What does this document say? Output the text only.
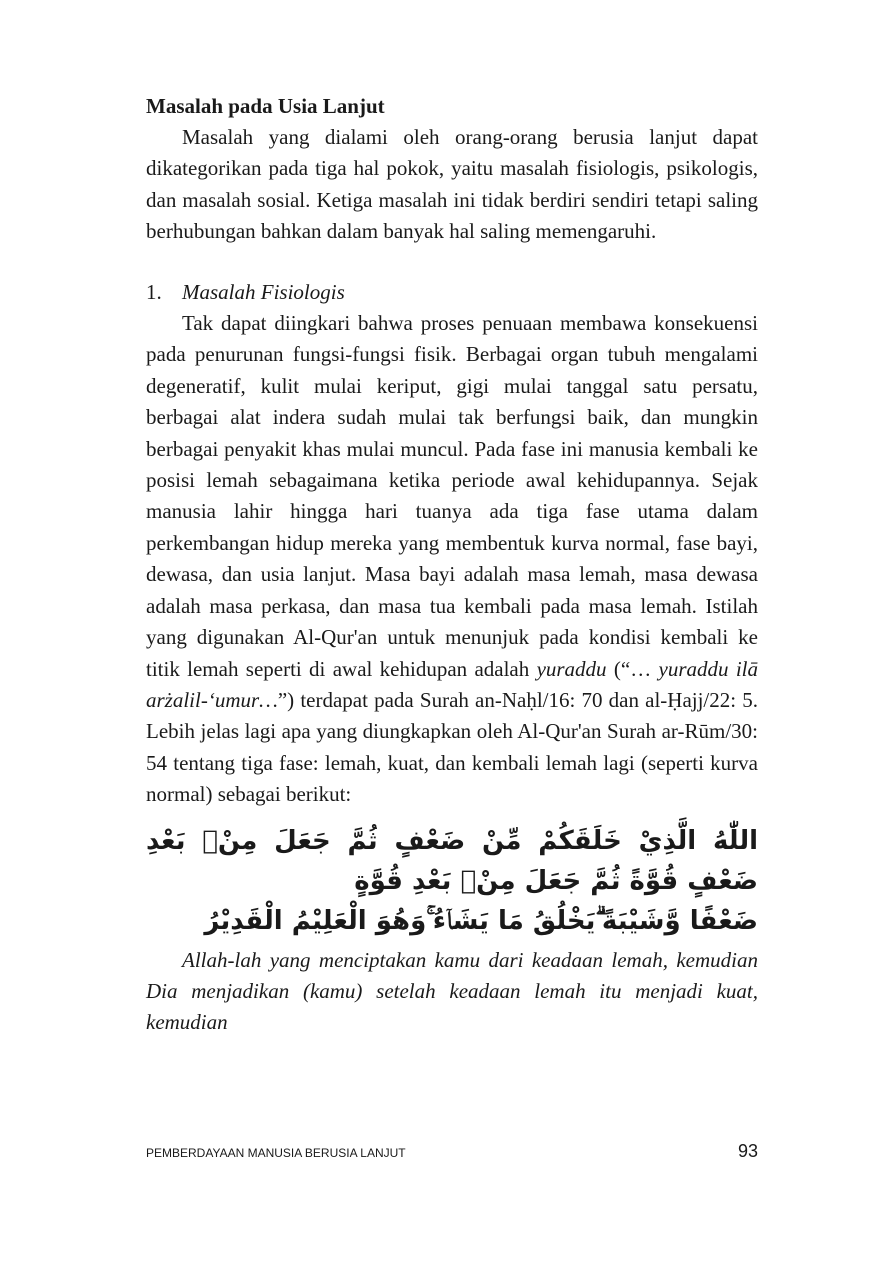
Masalah pada Usia Lanjut

Masalah yang dialami oleh orang-orang berusia lanjut dapat dikategorikan pada tiga hal pokok, yaitu masalah fisiologis, psikologis, dan masalah sosial. Ketiga masalah ini tidak berdiri sendiri tetapi saling berhubungan bahkan dalam banyak hal saling memengaruhi.

1. Masalah Fisiologis

Tak dapat diingkari bahwa proses penuaan membawa konsekuensi pada penurunan fungsi-fungsi fisik. Berbagai organ tubuh mengalami degeneratif, kulit mulai keriput, gigi mulai tanggal satu persatu, berbagai alat indera sudah mulai tak berfungsi baik, dan mungkin berbagai penyakit khas mulai muncul. Pada fase ini manusia kembali ke posisi lemah sebagaimana ketika periode awal kehidupannya. Sejak manusia lahir hingga hari tuanya ada tiga fase utama dalam perkembangan hidup mereka yang membentuk kurva normal, fase bayi, dewasa, dan usia lanjut. Masa bayi adalah masa lemah, masa dewasa adalah masa perkasa, dan masa tua kembali pada masa lemah. Istilah yang digunakan Al-Qur'an untuk menunjuk pada kondisi kembali ke titik lemah seperti di awal kehidupan adalah yuraddu (“… yuraddu ilā arżalil-‘umur…”) terdapat pada Surah an-Naḥl/16: 70 dan al-Ḥajj/22: 5. Lebih jelas lagi apa yang diungkapkan oleh Al-Qur'an Surah ar-Rūm/30: 54 tentang tiga fase: lemah, kuat, dan kembali lemah lagi (seperti kurva normal) sebagai berikut:

اللّٰهُ الَّذِيْ خَلَقَكُمْ مِّنْ ضَعْفٍ ثُمَّ جَعَلَ مِنْۢ بَعْدِ ضَعْفٍ قُوَّةً ثُمَّ جَعَلَ مِنْۢ بَعْدِ قُوَّةٍ
ضَعْفًا وَّشَيْبَةً ۗيَخْلُقُ مَا يَشَاۤءُ ۚوَهُوَ الْعَلِيْمُ الْقَدِيْرُ

Allah-lah yang menciptakan kamu dari keadaan lemah, kemudian Dia menjadikan (kamu) setelah keadaan lemah itu menjadi kuat, kemudian

PEMBERDAYAAN MANUSIA BERUSIA LANJUT	93
